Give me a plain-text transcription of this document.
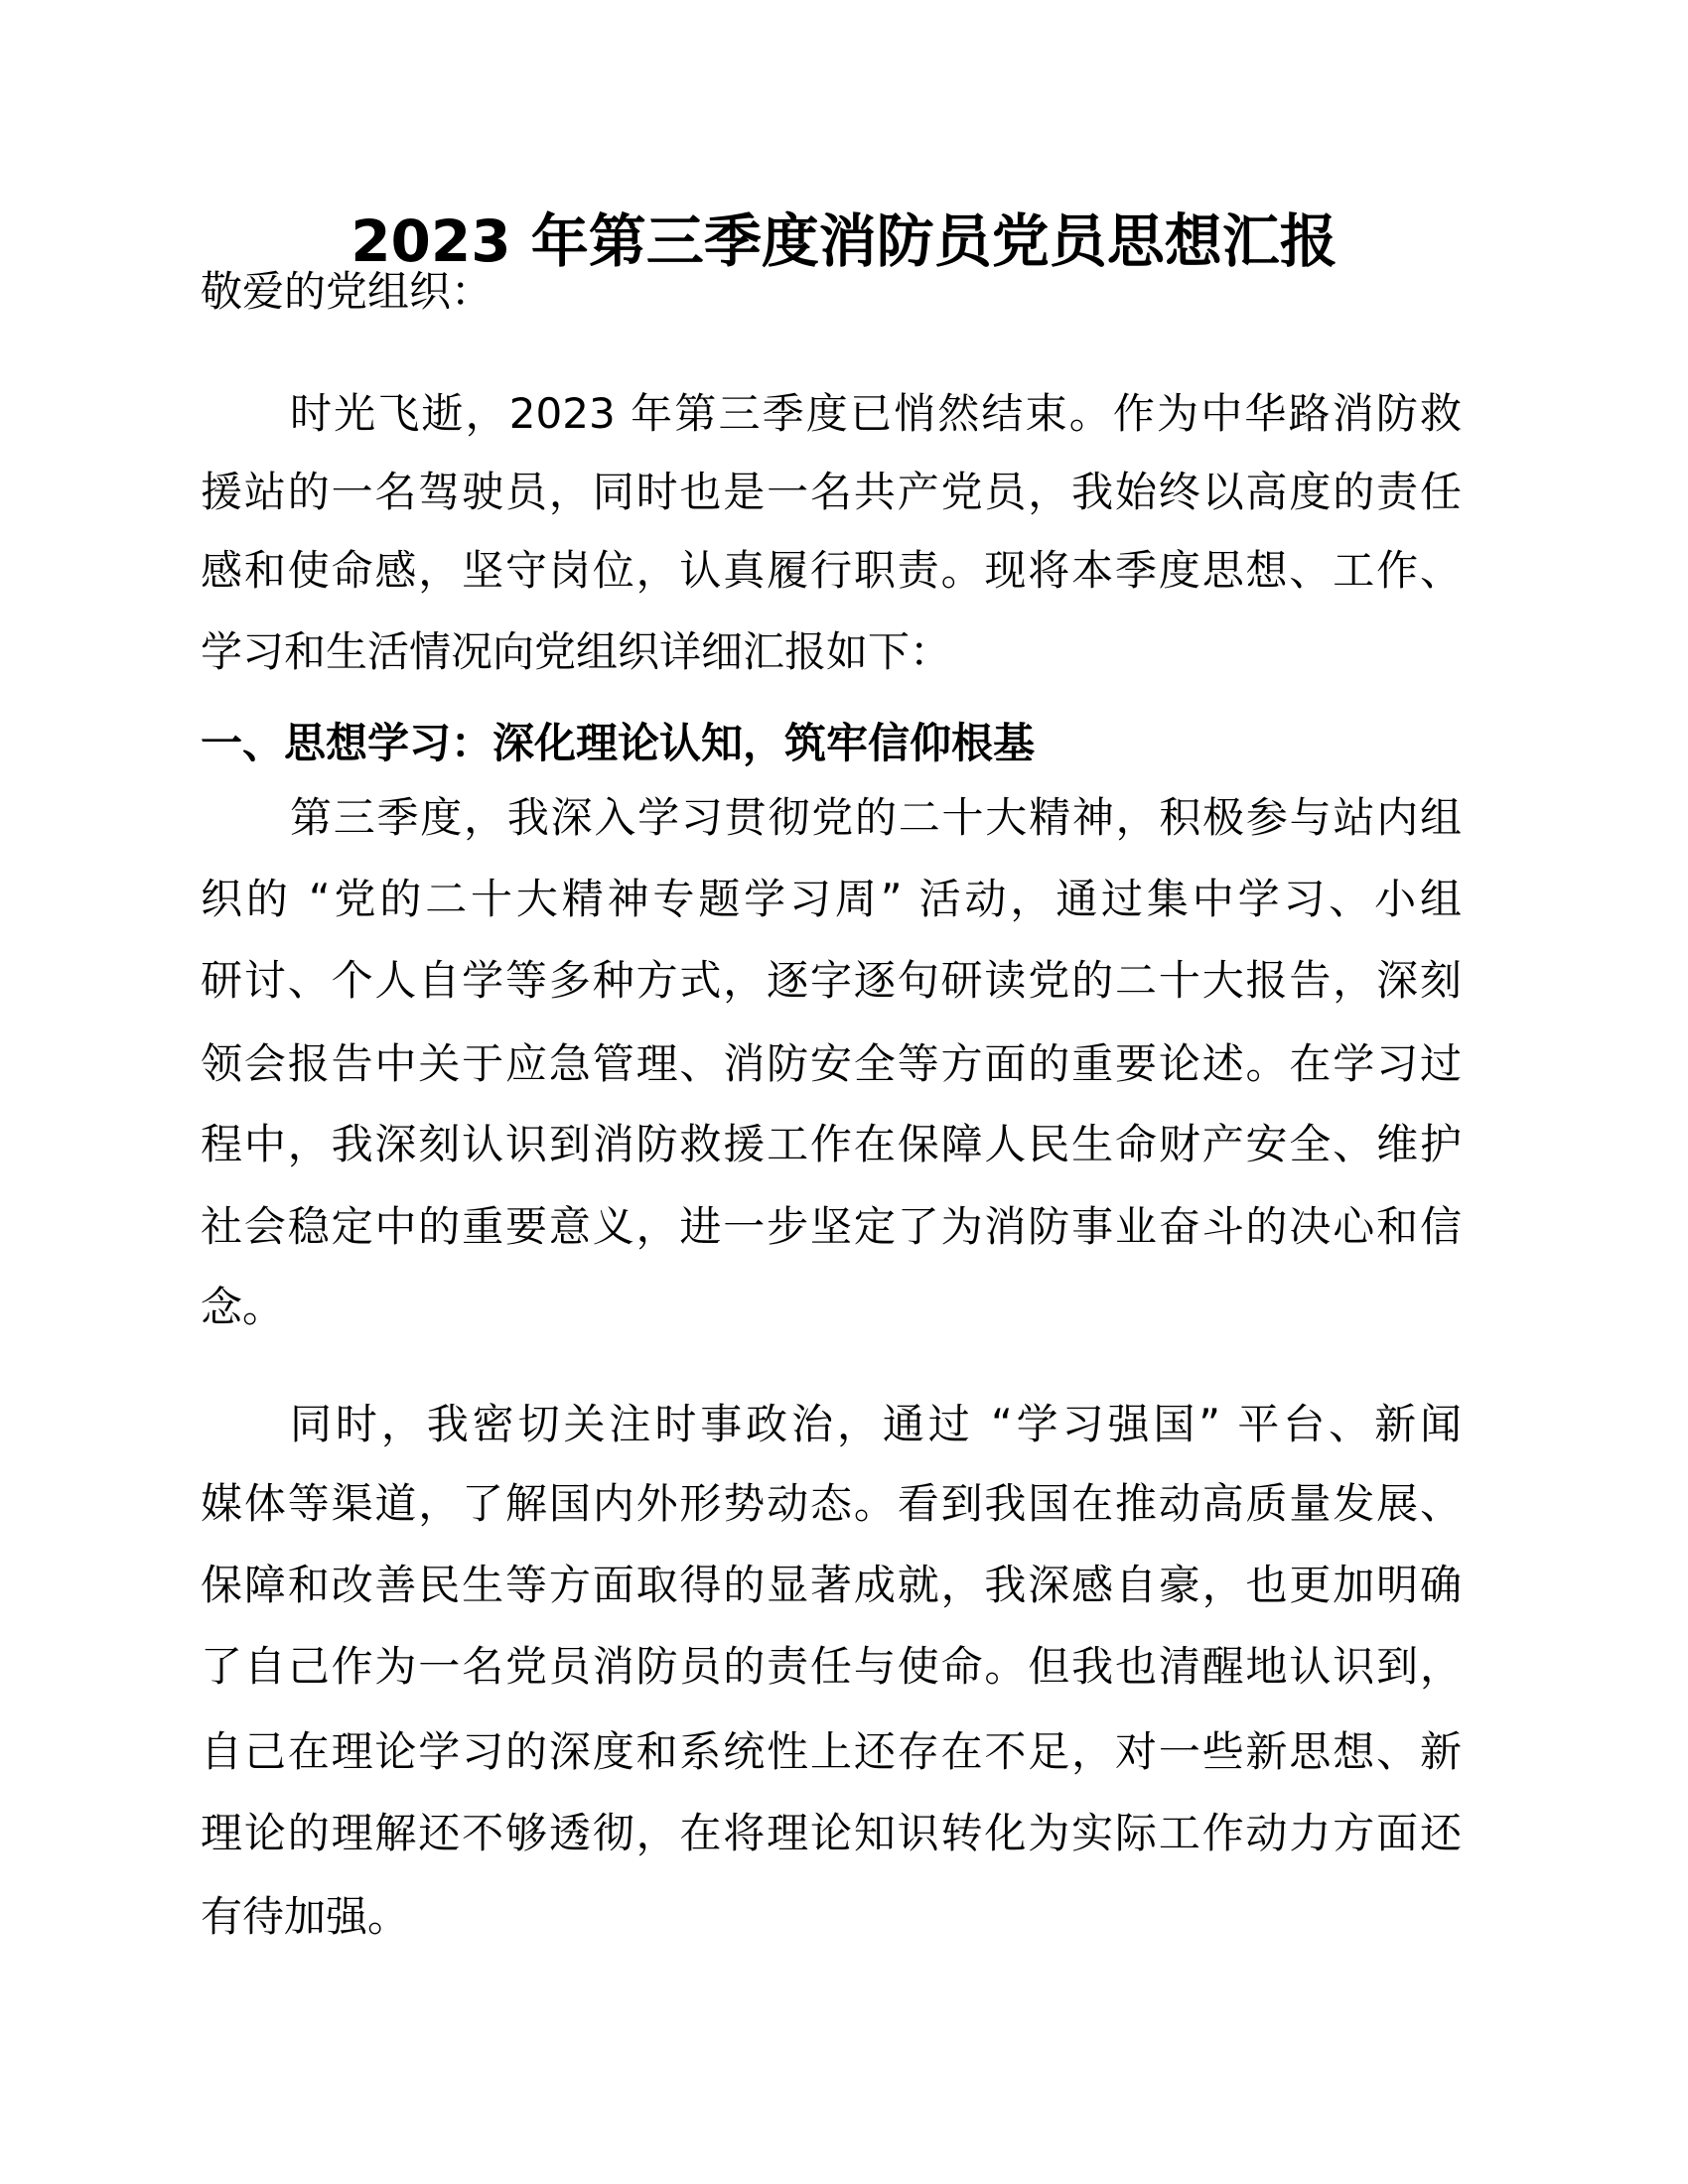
2023 年第三季度消防员党员思想汇报
敬爱的党组织：
时光飞逝，2023 年第三季度已悄然结束。作为中华路消防救
援站的一名驾驶员，同时也是一名共产党员，我始终以高度的责任
感和使命感，坚守岗位，认真履行职责。现将本季度思想、工作、
学习和生活情况向党组织详细汇报如下：
一、思想学习：深化理论认知，筑牢信仰根基
第三季度，我深入学习贯彻党的二十大精神，积极参与站内组
织的 “党的二十大精神专题学习周” 活动，通过集中学习、小组
研讨、个人自学等多种方式，逐字逐句研读党的二十大报告，深刻
领会报告中关于应急管理、消防安全等方面的重要论述。在学习过
程中，我深刻认识到消防救援工作在保障人民生命财产安全、维护
社会稳定中的重要意义，进一步坚定了为消防事业奋斗的决心和信
念。
同时，我密切关注时事政治，通过 “学习强国” 平台、新闻
媒体等渠道，了解国内外形势动态。看到我国在推动高质量发展、
保障和改善民生等方面取得的显著成就，我深感自豪，也更加明确
了自己作为一名党员消防员的责任与使命。但我也清醒地认识到，
自己在理论学习的深度和系统性上还存在不足，对一些新思想、新
理论的理解还不够透彻，在将理论知识转化为实际工作动力方面还
有待加强。
